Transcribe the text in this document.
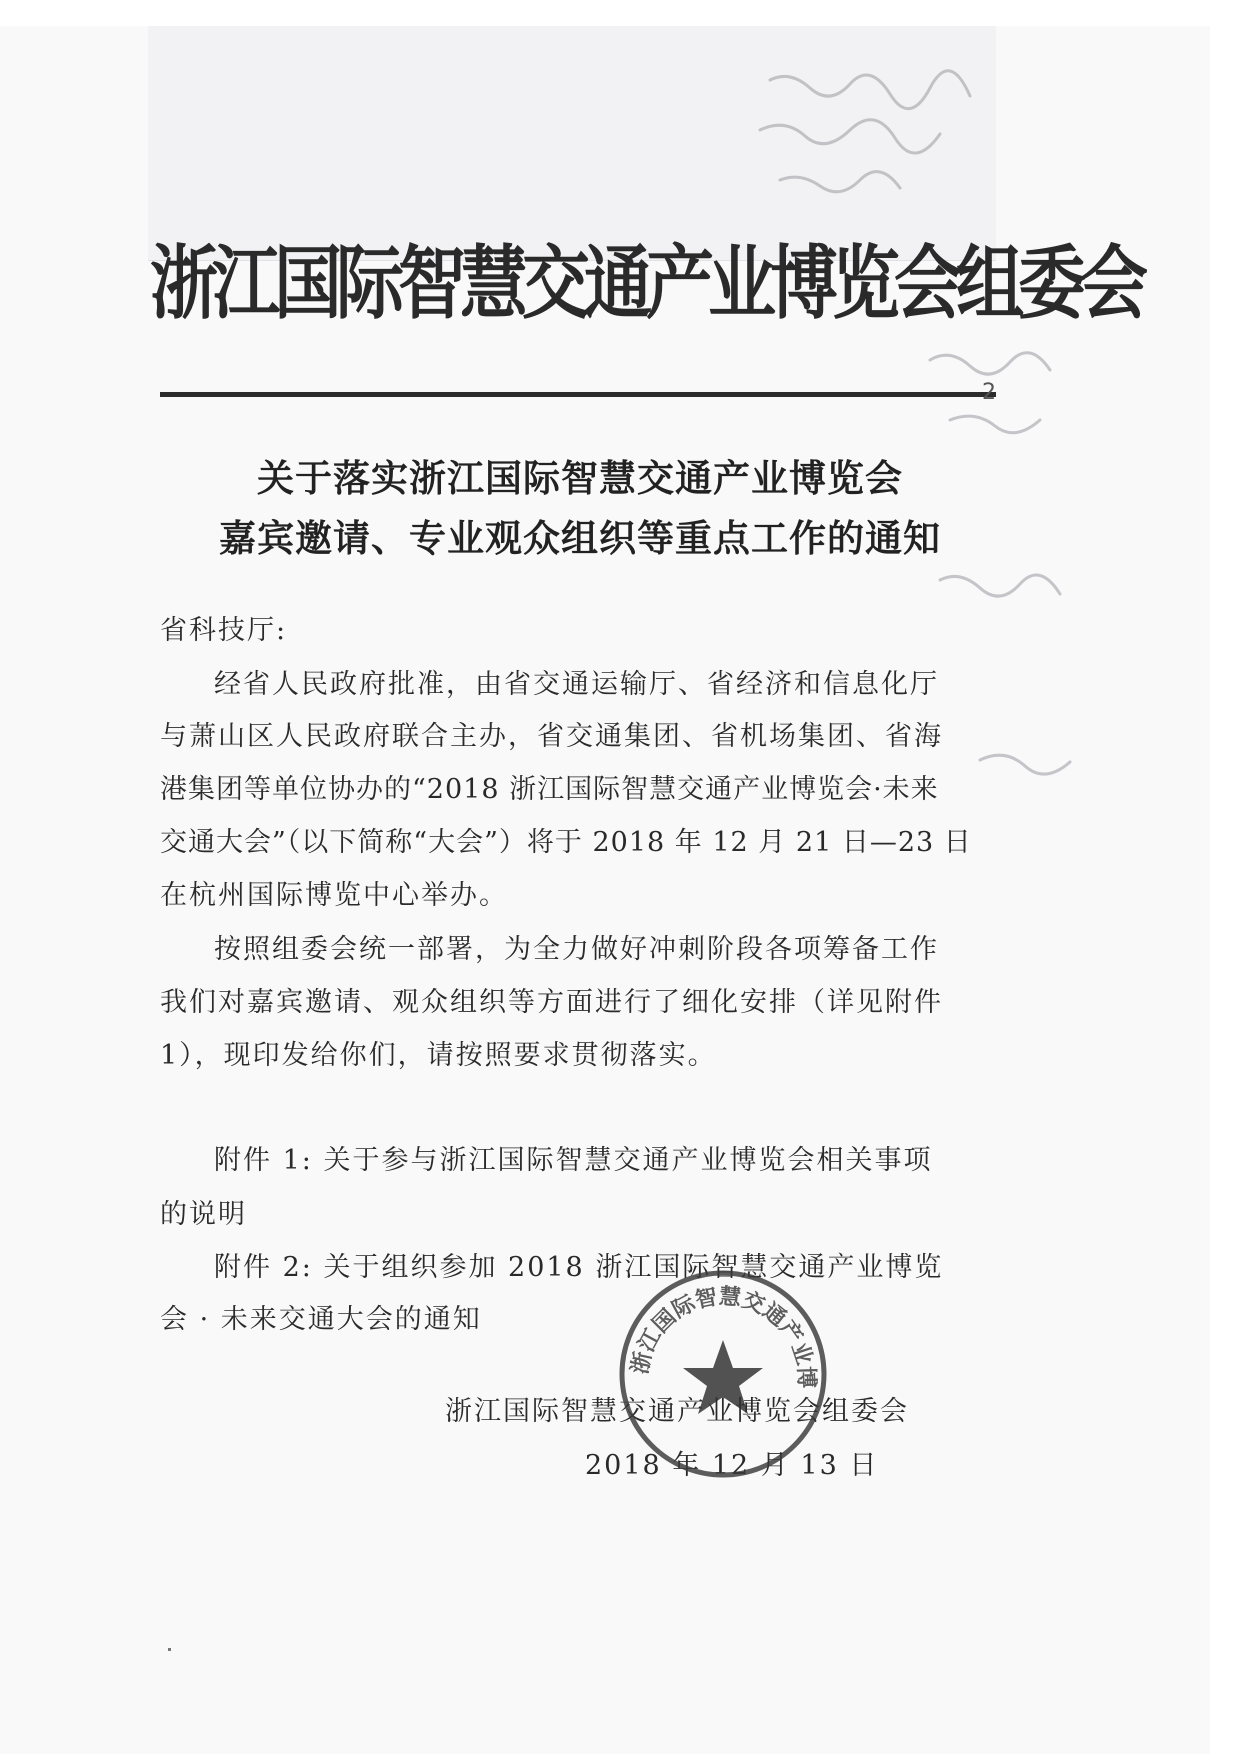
浙江国际智慧交通产业博览会组委会
2
关于落实浙江国际智慧交通产业博览会
嘉宾邀请、专业观众组织等重点工作的通知
省科技厅:
经省人民政府批准，由省交通运输厅、省经济和信息化厅
与萧山区人民政府联合主办，省交通集团、省机场集团、省海
港集团等单位协办的“2018 浙江国际智慧交通产业博览会·未来
交通大会”（以下简称“大会”）将于 2018 年 12 月 21 日—23 日
在杭州国际博览中心举办。
按照组委会统一部署，为全力做好冲刺阶段各项筹备工作
我们对嘉宾邀请、观众组织等方面进行了细化安排（详见附件
1），现印发给你们，请按照要求贯彻落实。
附件 1: 关于参与浙江国际智慧交通产业博览会相关事项
的说明
附件 2: 关于组织参加 2018 浙江国际智慧交通产业博览
会 · 未来交通大会的通知
浙江国际智慧交通产业博览会组委会
2018 年 12 月 13 日
浙江国际智慧交通产业博
